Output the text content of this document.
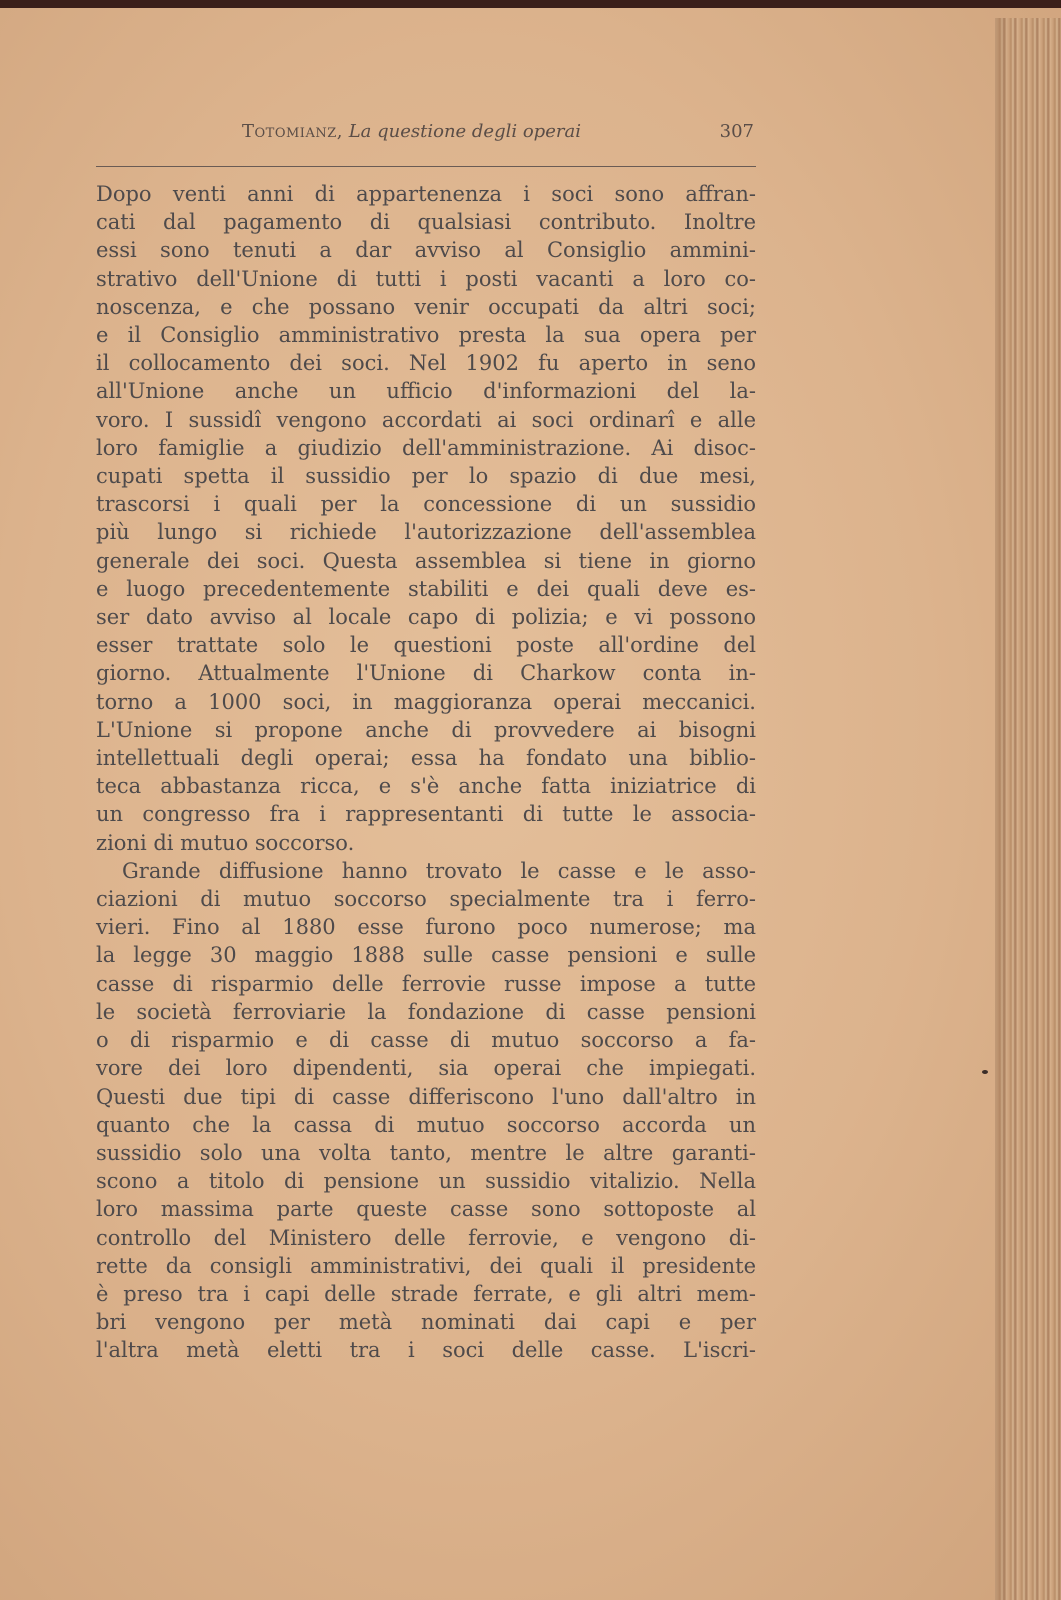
Totomianz, La questione degli operai	307
Dopo venti anni di appartenenza i soci sono affran-
cati dal pagamento di qualsiasi contributo. Inoltre
essi sono tenuti a dar avviso al Consiglio ammini-
strativo dell'Unione di tutti i posti vacanti a loro co-
noscenza, e che possano venir occupati da altri soci;
e il Consiglio amministrativo presta la sua opera per
il collocamento dei soci. Nel 1902 fu aperto in seno
all'Unione anche un ufficio d'informazioni del la-
voro. I sussidî vengono accordati ai soci ordinarî e alle
loro famiglie a giudizio dell'amministrazione. Ai disoc-
cupati spetta il sussidio per lo spazio di due mesi,
trascorsi i quali per la concessione di un sussidio
più lungo si richiede l'autorizzazione dell'assemblea
generale dei soci. Questa assemblea si tiene in giorno
e luogo precedentemente stabiliti e dei quali deve es-
ser dato avviso al locale capo di polizia; e vi possono
esser trattate solo le questioni poste all'ordine del
giorno. Attualmente l'Unione di Charkow conta in-
torno a 1000 soci, in maggioranza operai meccanici.
L'Unione si propone anche di provvedere ai bisogni
intellettuali degli operai; essa ha fondato una biblio-
teca abbastanza ricca, e s'è anche fatta iniziatrice di
un congresso fra i rappresentanti di tutte le associa-
zioni di mutuo soccorso.
Grande diffusione hanno trovato le casse e le asso-
ciazioni di mutuo soccorso specialmente tra i ferro-
vieri. Fino al 1880 esse furono poco numerose; ma
la legge 30 maggio 1888 sulle casse pensioni e sulle
casse di risparmio delle ferrovie russe impose a tutte
le società ferroviarie la fondazione di casse pensioni
o di risparmio e di casse di mutuo soccorso a fa-
vore dei loro dipendenti, sia operai che impiegati.
Questi due tipi di casse differiscono l'uno dall'altro in
quanto che la cassa di mutuo soccorso accorda un
sussidio solo una volta tanto, mentre le altre garanti-
scono a titolo di pensione un sussidio vitalizio. Nella
loro massima parte queste casse sono sottoposte al
controllo del Ministero delle ferrovie, e vengono di-
rette da consigli amministrativi, dei quali il presidente
è preso tra i capi delle strade ferrate, e gli altri mem-
bri vengono per metà nominati dai capi e per
l'altra metà eletti tra i soci delle casse. L'iscri-
